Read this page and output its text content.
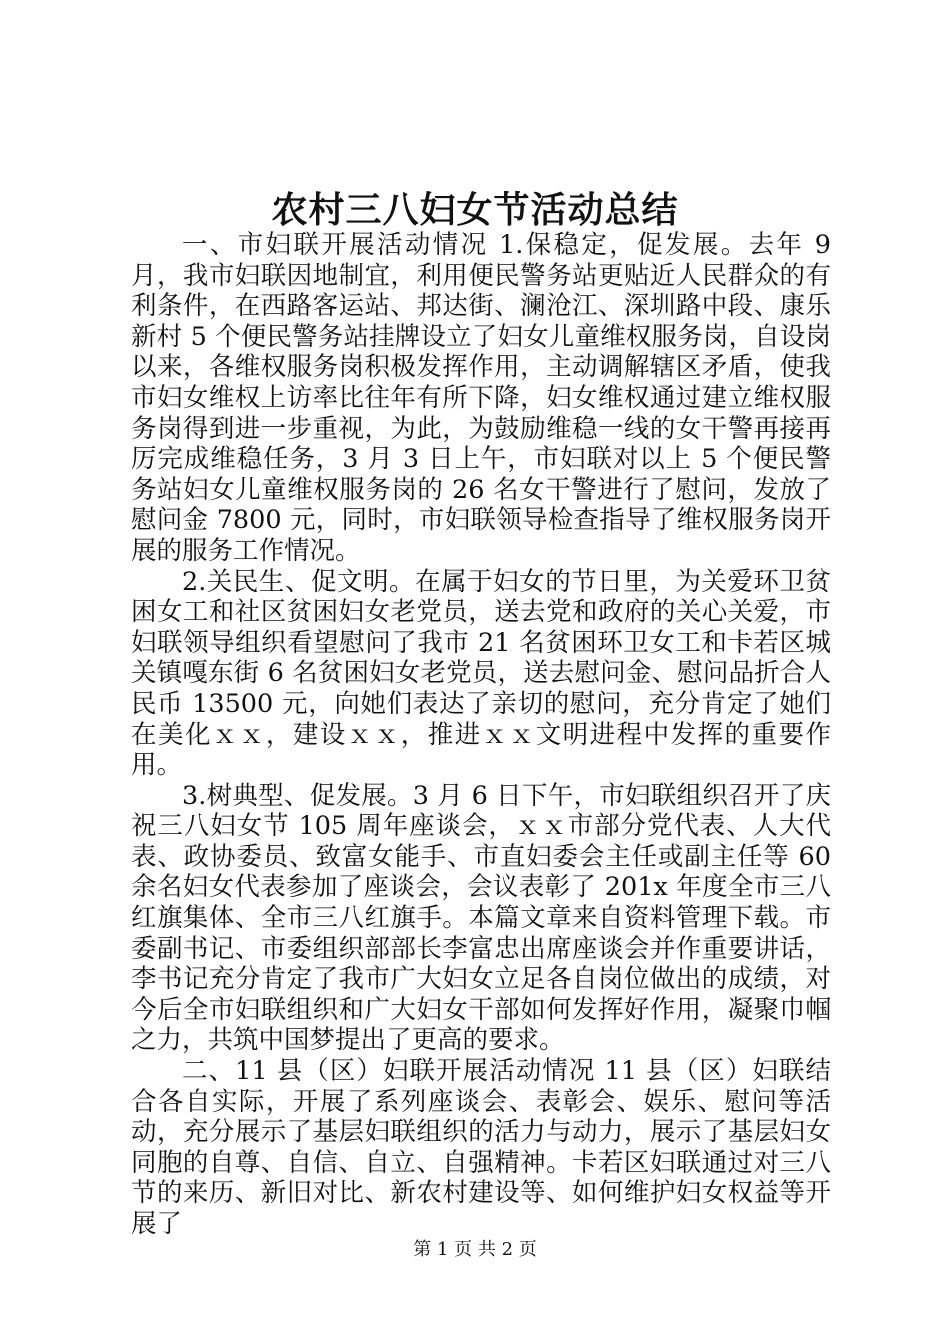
农村三八妇女节活动总结

一、市妇联开展活动情况 1.保稳定，促发展。去年 9 月，我市妇联因地制宜，利用便民警务站更贴近人民群众的有利条件，在西路客运站、邦达街、澜沧江、深圳路中段、康乐新村 5 个便民警务站挂牌设立了妇女儿童维权服务岗，自设岗以来，各维权服务岗积极发挥作用，主动调解辖区矛盾，使我市妇女维权上访率比往年有所下降，妇女维权通过建立维权服务岗得到进一步重视，为此，为鼓励维稳一线的女干警再接再厉完成维稳任务，3 月 3 日上午，市妇联对以上 5 个便民警务站妇女儿童维权服务岗的 26 名女干警进行了慰问，发放了慰问金 7800 元，同时，市妇联领导检查指导了维权服务岗开展的服务工作情况。

2.关民生、促文明。在属于妇女的节日里，为关爱环卫贫困女工和社区贫困妇女老党员，送去党和政府的关心关爱，市妇联领导组织看望慰问了我市 21 名贫困环卫女工和卡若区城关镇嘎东街 6 名贫困妇女老党员，送去慰问金、慰问品折合人民币 13500 元，向她们表达了亲切的慰问，充分肯定了她们在美化ｘｘ，建设ｘｘ，推进ｘｘ文明进程中发挥的重要作用。

3.树典型、促发展。3 月 6 日下午，市妇联组织召开了庆祝三八妇女节 105 周年座谈会，ｘｘ市部分党代表、人大代表、政协委员、致富女能手、市直妇委会主任或副主任等 60 余名妇女代表参加了座谈会，会议表彰了 201x 年度全市三八红旗集体、全市三八红旗手。本篇文章来自资料管理下载。市委副书记、市委组织部部长李富忠出席座谈会并作重要讲话，李书记充分肯定了我市广大妇女立足各自岗位做出的成绩，对今后全市妇联组织和广大妇女干部如何发挥好作用，凝聚巾帼之力，共筑中国梦提出了更高的要求。

二、11 县（区）妇联开展活动情况 11 县（区）妇联结合各自实际，开展了系列座谈会、表彰会、娱乐、慰问等活动，充分展示了基层妇联组织的活力与动力，展示了基层妇女同胞的自尊、自信、自立、自强精神。卡若区妇联通过对三八节的来历、新旧对比、新农村建设等、如何维护妇女权益等开展了

第 1 页 共 2 页
